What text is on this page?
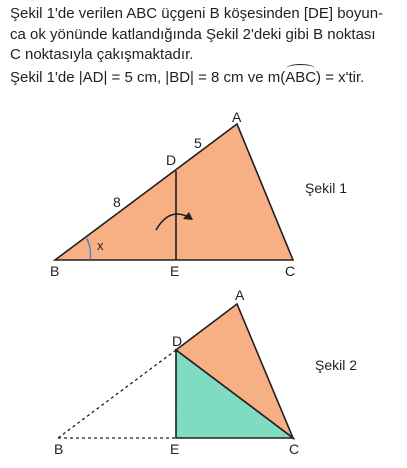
Şekil 1'de verilen ABC üçgeni B köşesinden [DE] boyun-

ca ok yönünde katlandığında Şekil 2'deki gibi B noktası

C noktasıyla çakışmaktadır.

Şekil 1'de |AD| = 5 cm, |BD| = 8 cm ve m(ABC) = x'tir.

A
B	C
D
E
5
8
x
Şekil 1
A
B	C
D
E
Şekil 2
